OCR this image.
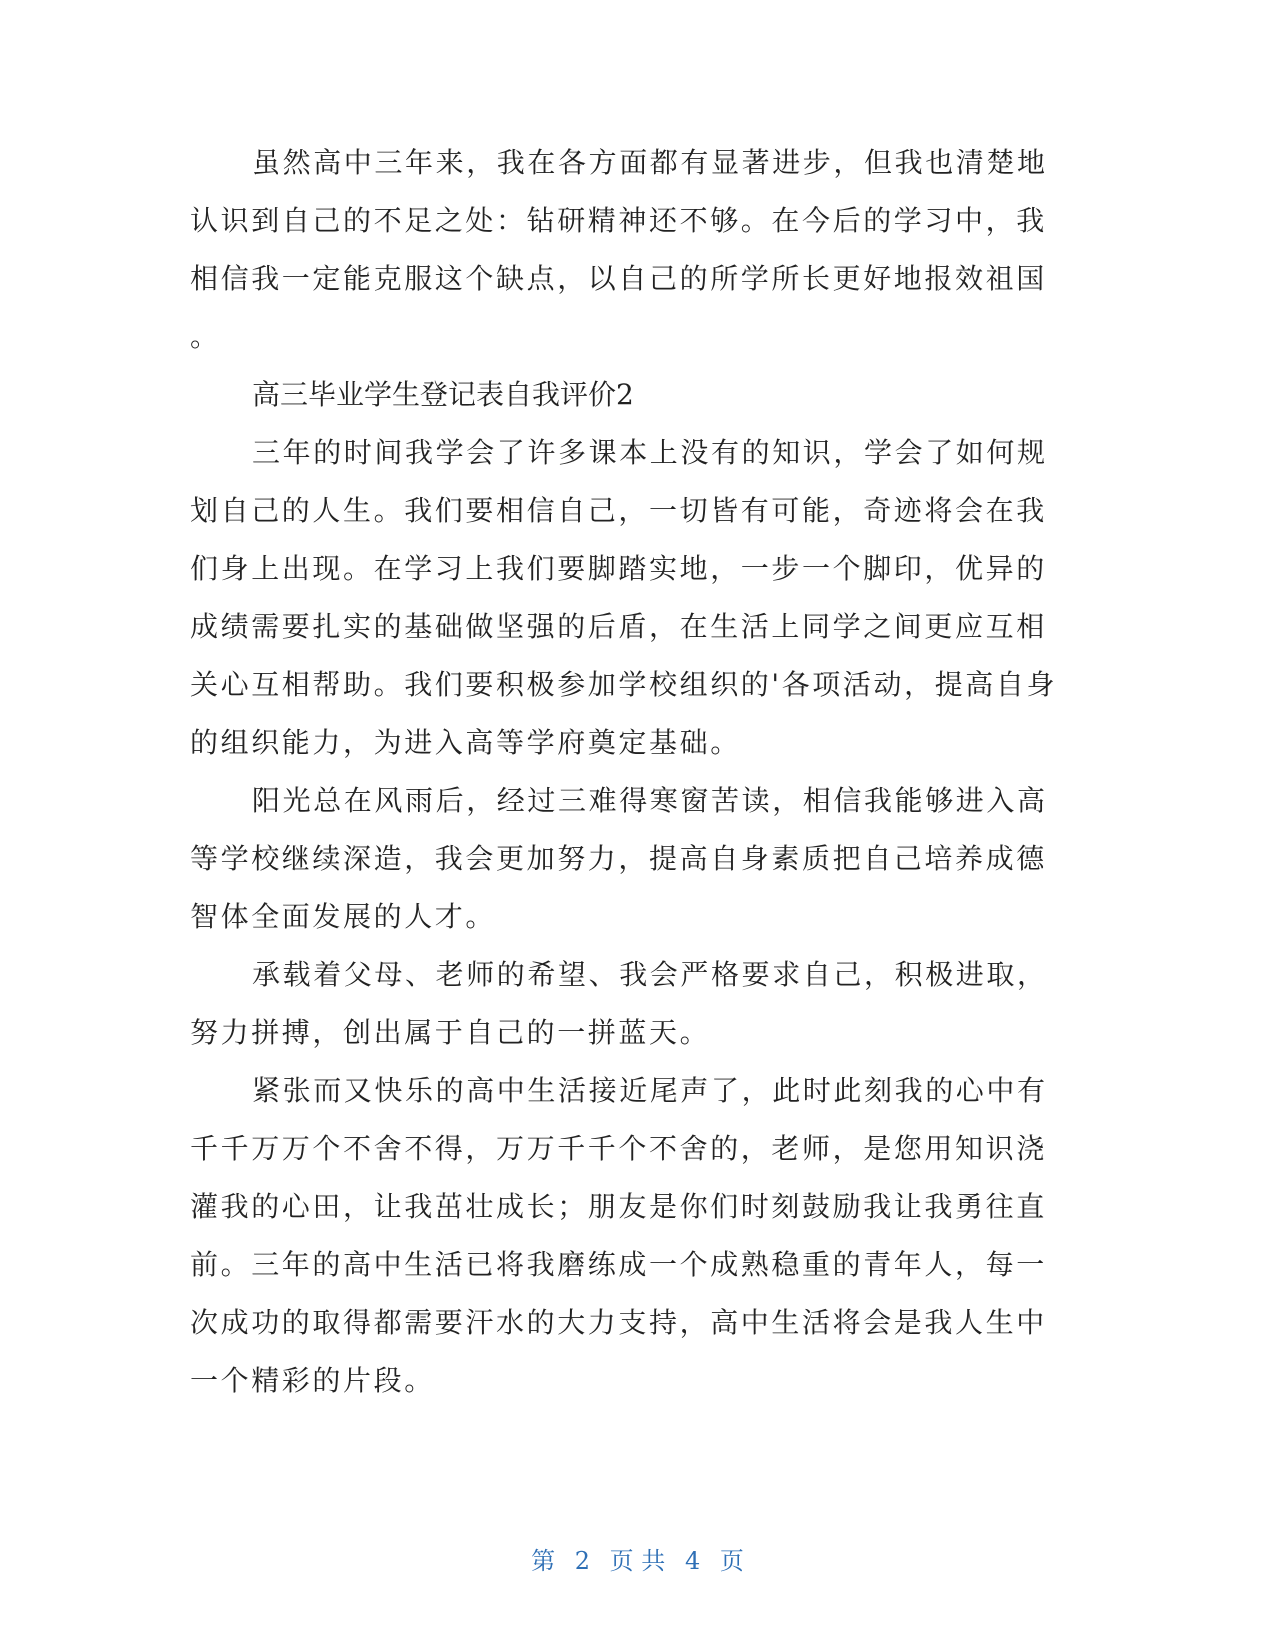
虽然高中三年来，我在各方面都有显著进步，但我也清楚地
认识到自己的不足之处：钻研精神还不够。在今后的学习中，我
相信我一定能克服这个缺点，以自己的所学所长更好地报效祖国
。
高三毕业学生登记表自我评价2
三年的时间我学会了许多课本上没有的知识，学会了如何规
划自己的人生。我们要相信自己，一切皆有可能，奇迹将会在我
们身上出现。在学习上我们要脚踏实地，一步一个脚印，优异的
成绩需要扎实的基础做坚强的后盾，在生活上同学之间更应互相
关心互相帮助。我们要积极参加学校组织的'各项活动，提高自身
的组织能力，为进入高等学府奠定基础。
阳光总在风雨后，经过三难得寒窗苦读，相信我能够进入高
等学校继续深造，我会更加努力，提高自身素质把自己培养成德
智体全面发展的人才。
承载着父母、老师的希望、我会严格要求自己，积极进取，
努力拼搏，创出属于自己的一拼蓝天。
紧张而又快乐的高中生活接近尾声了，此时此刻我的心中有
千千万万个不舍不得，万万千千个不舍的，老师，是您用知识浇
灌我的心田，让我茁壮成长；朋友是你们时刻鼓励我让我勇往直
前。三年的高中生活已将我磨练成一个成熟稳重的青年人，每一
次成功的取得都需要汗水的大力支持，高中生活将会是我人生中
一个精彩的片段。
第 2 页 共 4 页
